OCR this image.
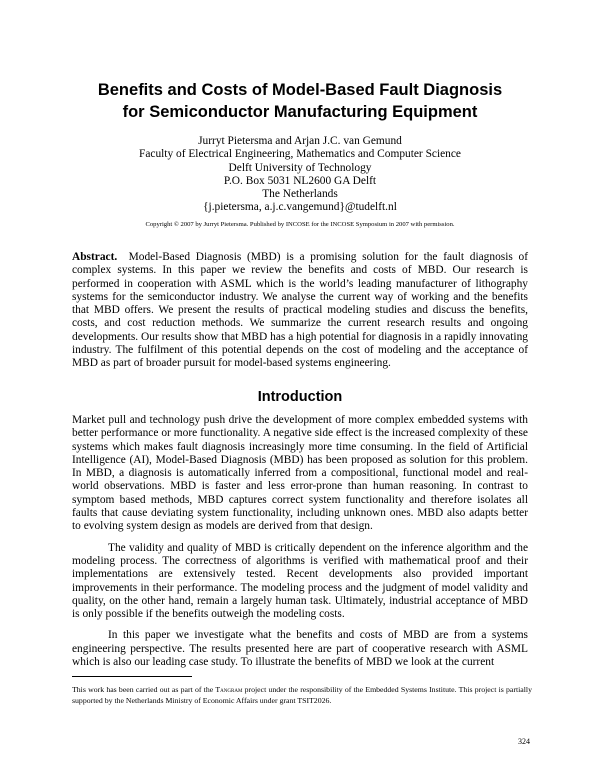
Benefits and Costs of Model-Based Fault Diagnosis
for Semiconductor Manufacturing Equipment
Jurryt Pietersma and Arjan J.C. van Gemund
Faculty of Electrical Engineering, Mathematics and Computer Science
Delft University of Technology
P.O. Box 5031 NL2600 GA Delft
The Netherlands
{j.pietersma, a.j.c.vangemund}@tudelft.nl
Copyright © 2007 by Jurryt Pietersma. Published by INCOSE for the INCOSE Symposium in 2007 with permission.
Abstract. Model-Based Diagnosis (MBD) is a promising solution for the fault diagnosis of complex systems. In this paper we review the benefits and costs of MBD. Our research is performed in cooperation with ASML which is the world’s leading manufacturer of lithography systems for the semiconductor industry. We analyse the current way of working and the benefits that MBD offers. We present the results of practical modeling studies and discuss the benefits, costs, and cost reduction methods. We summarize the current research results and ongoing developments. Our results show that MBD has a high potential for diagnosis in a rapidly innovating industry. The fulfilment of this potential depends on the cost of modeling and the acceptance of MBD as part of broader pursuit for model-based systems engineering.
Introduction

Market pull and technology push drive the development of more complex embedded systems with better performance or more functionality. A negative side effect is the increased complexity of these systems which makes fault diagnosis increasingly more time consuming. In the field of Artificial Intelligence (AI), Model-Based Diagnosis (MBD) has been proposed as solution for this problem. In MBD, a diagnosis is automatically inferred from a compositional, functional model and real-world observations. MBD is faster and less error-prone than human reasoning. In contrast to symptom based methods, MBD captures correct system functionality and therefore isolates all faults that cause deviating system functionality, including unknown ones. MBD also adapts better to evolving system design as models are derived from that design.

The validity and quality of MBD is critically dependent on the inference algorithm and the modeling process. The correctness of algorithms is verified with mathematical proof and their implementations are extensively tested. Recent developments also provided important improvements in their performance. The modeling process and the judgment of model validity and quality, on the other hand, remain a largely human task. Ultimately, industrial acceptance of MBD is only possible if the benefits outweigh the modeling costs.

In this paper we investigate what the benefits and costs of MBD are from a systems engineering perspective. The results presented here are part of cooperative research with ASML which is also our leading case study. To illustrate the benefits of MBD we look at the current

This work has been carried out as part of the Tangram project under the responsibility of the Embedded Systems Institute. This project is partially supported by the Netherlands Ministry of Economic Affairs under grant TSIT2026.
324
